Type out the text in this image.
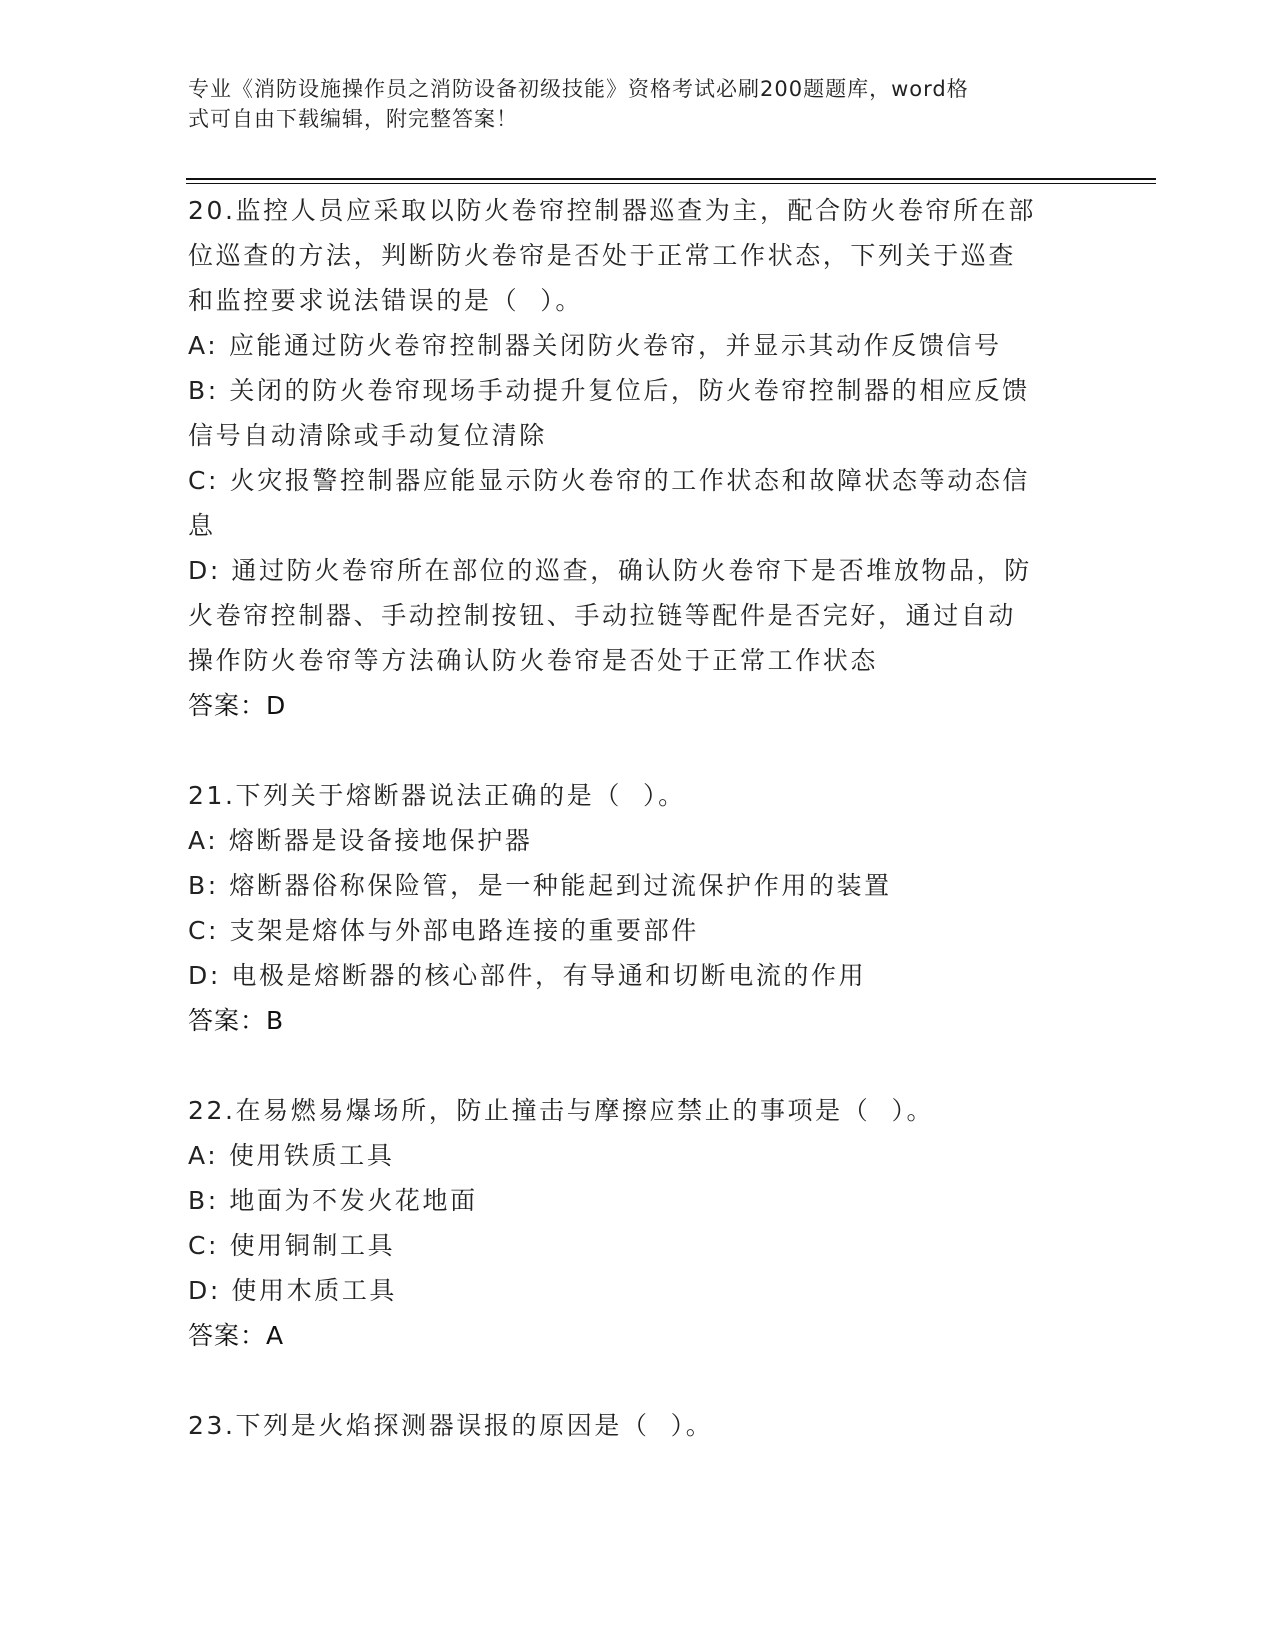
专业《消防设施操作员之消防设备初级技能》资格考试必刷200题题库，word格
式可自由下载编辑，附完整答案！
20.监控人员应采取以防火卷帘控制器巡查为主，配合防火卷帘所在部
位巡查的方法，判断防火卷帘是否处于正常工作状态，下列关于巡查
和监控要求说法错误的是（  ）。
A: 应能通过防火卷帘控制器关闭防火卷帘，并显示其动作反馈信号
B: 关闭的防火卷帘现场手动提升复位后，防火卷帘控制器的相应反馈
信号自动清除或手动复位清除
C: 火灾报警控制器应能显示防火卷帘的工作状态和故障状态等动态信
息
D: 通过防火卷帘所在部位的巡查，确认防火卷帘下是否堆放物品，防
火卷帘控制器、手动控制按钮、手动拉链等配件是否完好，通过自动
操作防火卷帘等方法确认防火卷帘是否处于正常工作状态
答案：D
21.下列关于熔断器说法正确的是（  ）。
A: 熔断器是设备接地保护器
B: 熔断器俗称保险管，是一种能起到过流保护作用的装置
C: 支架是熔体与外部电路连接的重要部件
D: 电极是熔断器的核心部件，有导通和切断电流的作用
答案：B
22.在易燃易爆场所，防止撞击与摩擦应禁止的事项是（  ）。
A: 使用铁质工具
B: 地面为不发火花地面
C: 使用铜制工具
D: 使用木质工具
答案：A
23.下列是火焰探测器误报的原因是（  ）。
